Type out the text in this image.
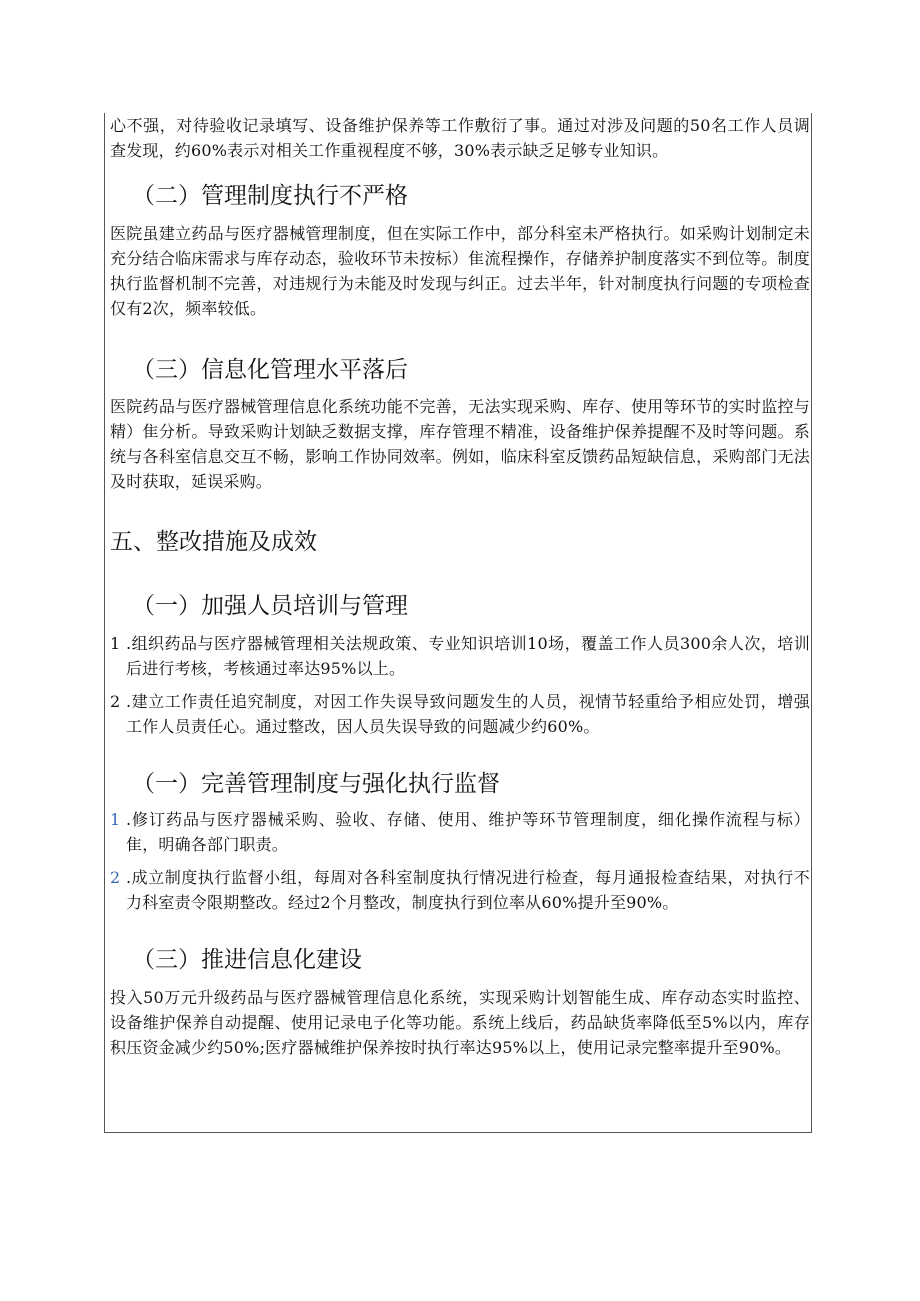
心不强，对待验收记录填写、设备维护保养等工作敷衍了事。通过对涉及问题的50名工作人员调查发现，约60%表示对相关工作重视程度不够，30%表示缺乏足够专业知识。

（二）管理制度执行不严格

医院虽建立药品与医疗器械管理制度，但在实际工作中，部分科室未严格执行。如采购计划制定未充分结合临床需求与库存动态，验收环节未按标）隹流程操作，存储养护制度落实不到位等。制度执行监督机制不完善，对违规行为未能及时发现与纠正。过去半年，针对制度执行问题的专项检查仅有2次，频率较低。

（三）信息化管理水平落后

医院药品与医疗器械管理信息化系统功能不完善，无法实现采购、库存、使用等环节的实时监控与精）隹分析。导致采购计划缺乏数据支撑，库存管理不精准，设备维护保养提醒不及时等问题。系统与各科室信息交互不畅，影响工作协同效率。例如，临床科室反馈药品短缺信息，采购部门无法及时获取，延误采购。

五、整改措施及成效
（一）加强人员培训与管理
1 .组织药品与医疗器械管理相关法规政策、专业知识培训10场，覆盖工作人员300余人次，培训后进行考核，考核通过率达95%以上。
2 .建立工作责任追究制度，对因工作失误导致问题发生的人员，视情节轻重给予相应处罚，增强工作人员责任心。通过整改，因人员失误导致的问题减少约60%。
（一）完善管理制度与强化执行监督
1 .修订药品与医疗器械采购、验收、存储、使用、维护等环节管理制度，细化操作流程与标）隹，明确各部门职责。
2 .成立制度执行监督小组，每周对各科室制度执行情况进行检查，每月通报检查结果，对执行不力科室责令限期整改。经过2个月整改，制度执行到位率从60%提升至90%。
（三）推进信息化建设

投入50万元升级药品与医疗器械管理信息化系统，实现采购计划智能生成、库存动态实时监控、设备维护保养自动提醒、使用记录电子化等功能。系统上线后，药品缺货率降低至5%以内，库存积压资金减少约50%;医疗器械维护保养按时执行率达95%以上，使用记录完整率提升至90%。
